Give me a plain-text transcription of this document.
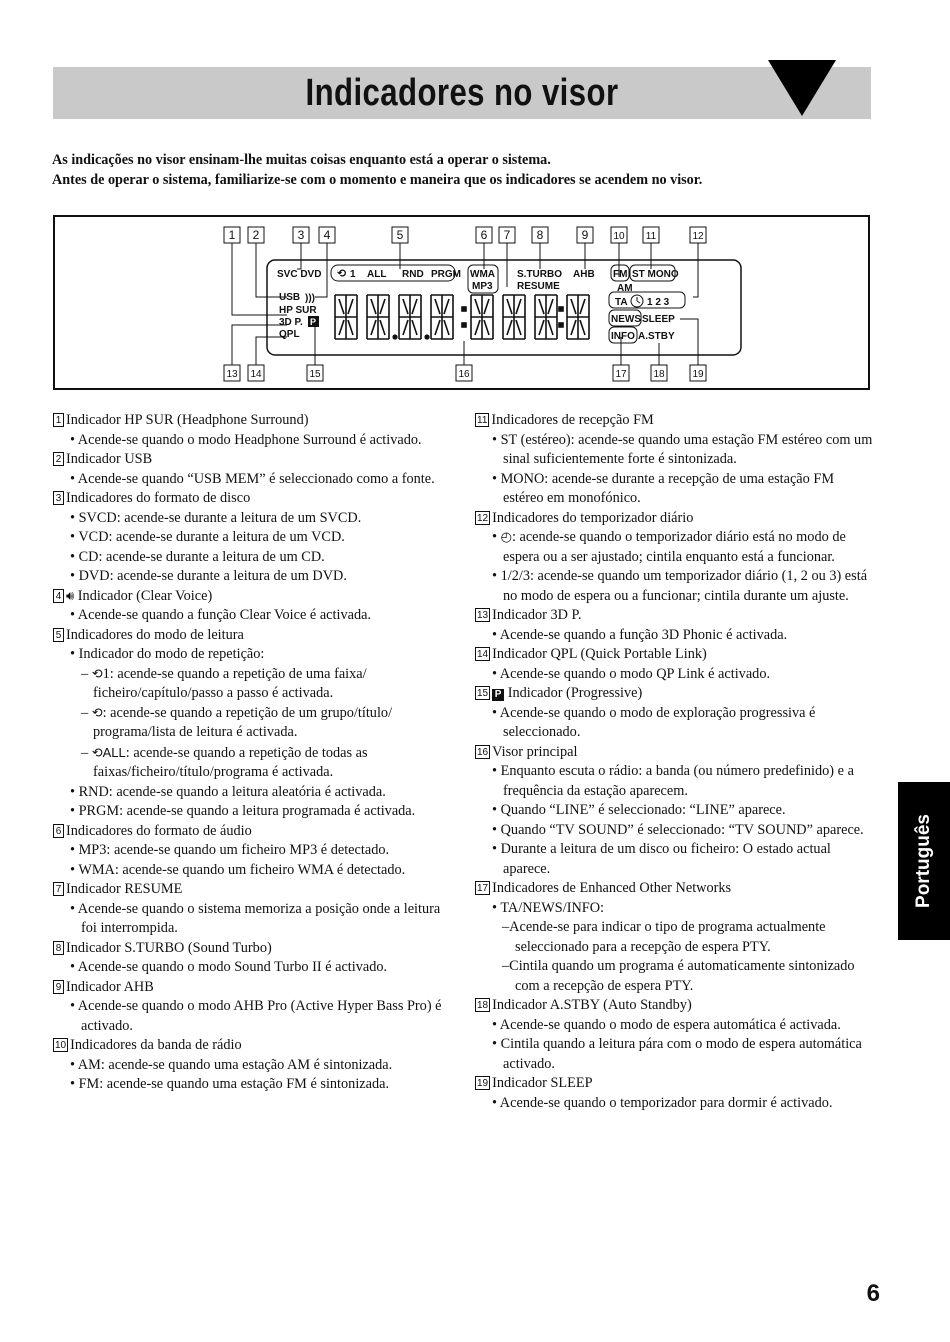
Indicadores no visor
As indicações no visor ensinam-lhe muitas coisas enquanto está a operar o sistema.
Antes de operar o sistema, familiarize-se com o momento e maneira que os indicadores se acendem no visor.
SVC DVD ⟲ 1 ALL RND PRGM WMA
MP3
S.TURBO
RESUME
AHB FM ST MONO
AM
TA 1 2 3
NEWS SLEEP
INFO A.STBY
USB )))
HP SUR
3D P. P
QPL
1 2	3 4	5	6 7 8	9	10 11	12
13 14	15	16	17	18	19

1 Indicador HP SUR (Headphone Surround)

• Acende-se quando o modo Headphone Surround é activado.

2 Indicador USB

• Acende-se quando “USB MEM” é seleccionado como a fonte.

3 Indicadores do formato de disco

• SVCD: acende-se durante a leitura de um SVCD.

• VCD: acende-se durante a leitura de um VCD.

• CD: acende-se durante a leitura de um CD.

• DVD: acende-se durante a leitura de um DVD.

4 🔊︎ Indicador (Clear Voice)

• Acende-se quando a função Clear Voice é activada.

5 Indicadores do modo de leitura

• Indicador do modo de repetição:

– ⟲1: acende-se quando a repetição de uma faixa/ ficheiro/capítulo/passo a passo é activada.

– ⟲: acende-se quando a repetição de um grupo/título/ programa/lista de leitura é activada.

– ⟲ALL: acende-se quando a repetição de todas as faixas/ficheiro/título/programa é activada.

• RND: acende-se quando a leitura aleatória é activada.

• PRGM: acende-se quando a leitura programada é activada.

6 Indicadores do formato de áudio

• MP3: acende-se quando um ficheiro MP3 é detectado.

• WMA: acende-se quando um ficheiro WMA é detectado.

7 Indicador RESUME

• Acende-se quando o sistema memoriza a posição onde a leitura foi interrompida.

8 Indicador S.TURBO (Sound Turbo)

• Acende-se quando o modo Sound Turbo II é activado.

9 Indicador AHB

• Acende-se quando o modo AHB Pro (Active Hyper Bass Pro) é activado.

10 Indicadores da banda de rádio

• AM: acende-se quando uma estação AM é sintonizada.

• FM: acende-se quando uma estação FM é sintonizada.

11 Indicadores de recepção FM

• ST (estéreo): acende-se quando uma estação FM estéreo com um sinal suficientemente forte é sintonizada.

• MONO: acende-se durante a recepção de uma estação FM estéreo em monofónico.

12 Indicadores do temporizador diário

• ◴: acende-se quando o temporizador diário está no modo de espera ou a ser ajustado; cintila enquanto está a funcionar.

• 1/2/3: acende-se quando um temporizador diário (1, 2 ou 3) está no modo de espera ou a funcionar; cintila durante um ajuste.

13 Indicador 3D P.

• Acende-se quando a função 3D Phonic é activada.

14 Indicador QPL (Quick Portable Link)

• Acende-se quando o modo QP Link é activado.

15 P Indicador (Progressive)

• Acende-se quando o modo de exploração progressiva é seleccionado.

16 Visor principal

• Enquanto escuta o rádio: a banda (ou número predefinido) e a frequência da estação aparecem.

• Quando “LINE” é seleccionado: “LINE” aparece.

• Quando “TV SOUND” é seleccionado: “TV SOUND” aparece.

• Durante a leitura de um disco ou ficheiro: O estado actual aparece.

17 Indicadores de Enhanced Other Networks

• TA/NEWS/INFO:

–Acende-se para indicar o tipo de programa actualmente seleccionado para a recepção de espera PTY.

–Cintila quando um programa é automaticamente sintonizado com a recepção de espera PTY.

18 Indicador A.STBY (Auto Standby)

• Acende-se quando o modo de espera automática é activada.

• Cintila quando a leitura pára com o modo de espera automática activado.

19 Indicador SLEEP

• Acende-se quando o temporizador para dormir é activado.

Português
6
